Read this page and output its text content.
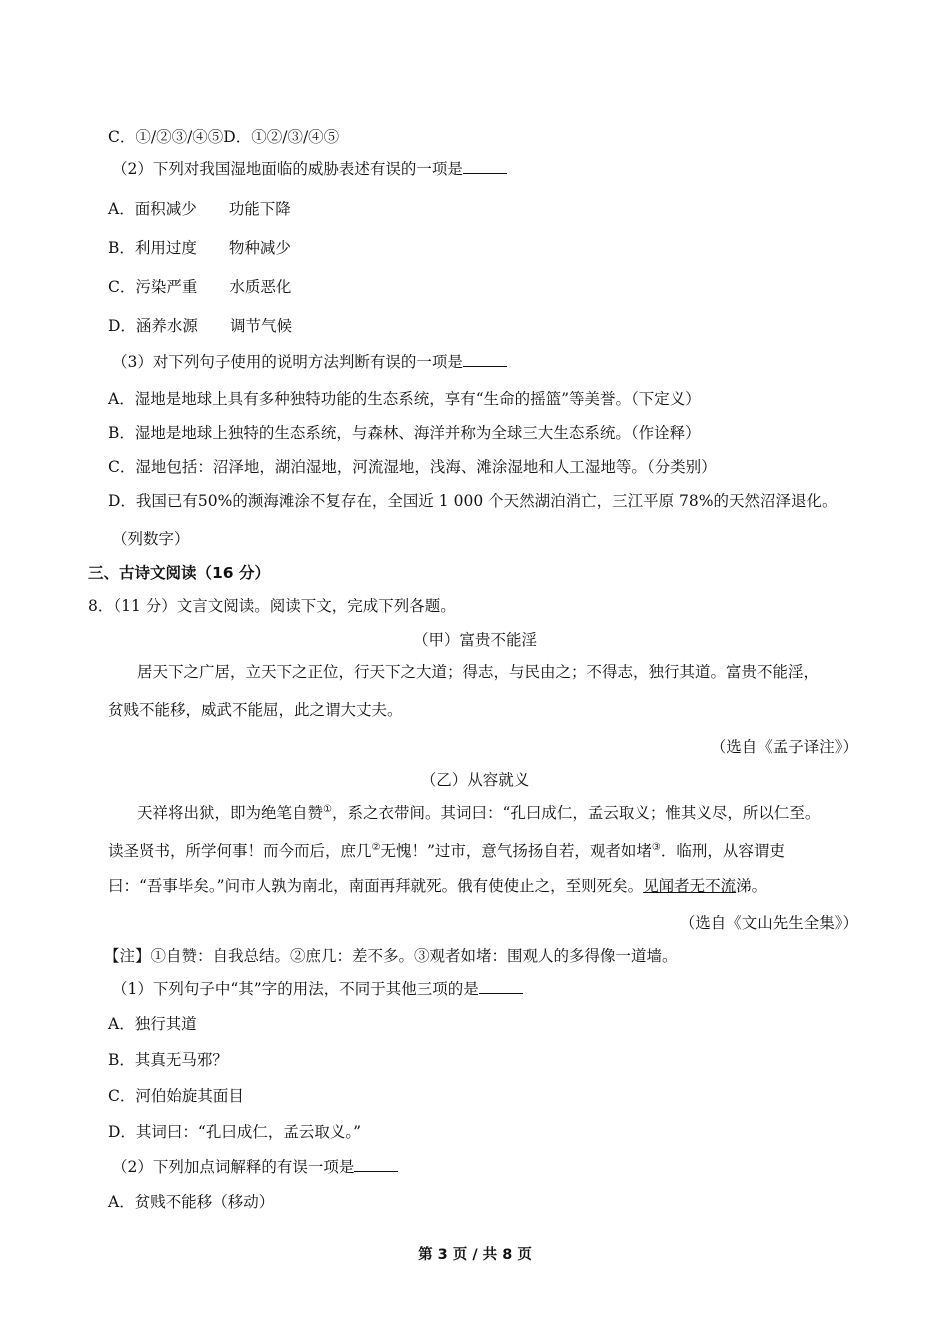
C．①/②③/④⑤D．①②/③/④⑤
（2）下列对我国湿地面临的威胁表述有误的一项是
A．面积减少 功能下降
B．利用过度 物种减少
C．污染严重 水质恶化
D．涵养水源 调节气候
（3）对下列句子使用的说明方法判断有误的一项是
A．湿地是地球上具有多种独特功能的生态系统，享有“生命的摇篮”等美誉。（下定义）
B．湿地是地球上独特的生态系统，与森林、海洋并称为全球三大生态系统。（作诠释）
C．湿地包括：沼泽地，湖泊湿地，河流湿地，浅海、滩涂湿地和人工湿地等。（分类别）
D．我国已有50%的濒海滩涂不复存在，全国近 1 000 个天然湖泊消亡，三江平原 78%的天然沼泽退化。
（列数字）
三、古诗文阅读（16 分）
8．（11 分）文言文阅读。阅读下文，完成下列各题。
（甲）富贵不能淫
居天下之广居，立天下之正位，行天下之大道；得志，与民由之；不得志，独行其道。富贵不能淫，
贫贱不能移，威武不能屈，此之谓大丈夫。
（选自《孟子译注》）
（乙）从容就义
天祥将出狱，即为绝笔自赞①，系之衣带间。其词曰：“孔曰成仁，孟云取义；惟其义尽，所以仁至。
读圣贤书，所学何事！而今而后，庶几②无愧！”过市，意气扬扬自若，观者如堵③．临刑，从容谓吏
曰：“吾事毕矣。”问市人孰为南北，南面再拜就死。俄有使使止之，至则死矣。见闻者无不流涕。
（选自《文山先生全集》）
【注】①自赞：自我总结。②庶几：差不多。③观者如堵：围观人的多得像一道墙。
（1）下列句子中“其”字的用法，不同于其他三项的是
A．独行其道
B．其真无马邪？
C．河伯始旋其面目
D．其词曰：“孔曰成仁，孟云取义。”
（2）下列加点词解释的有误一项是
A．贫贱不能移（移动）
第 3 页 / 共 8 页
